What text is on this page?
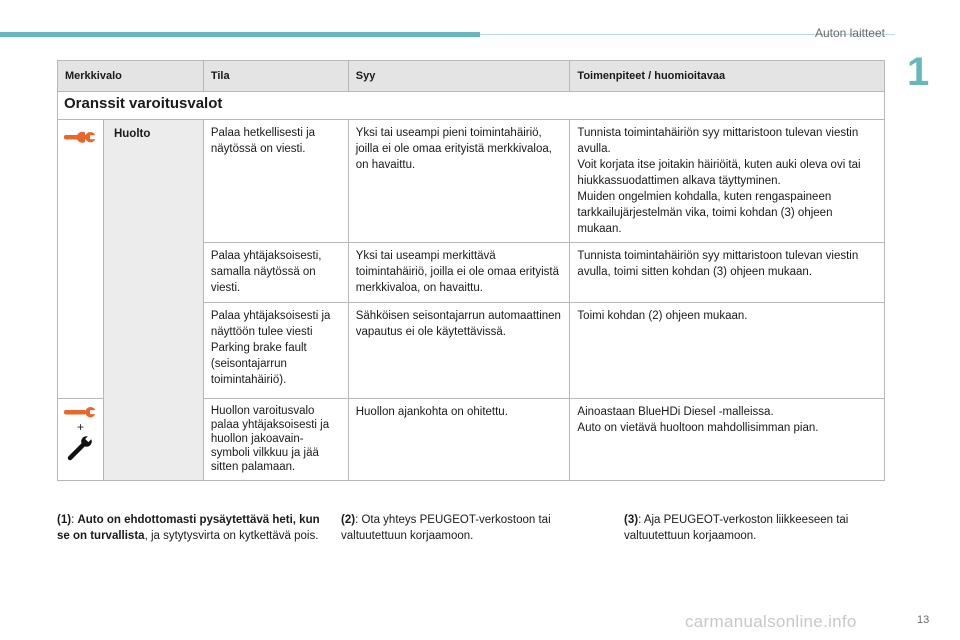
Auton laitteet
1
Merkkivalo		Tila	Syy	Toimenpiteet / huomioitavaa
Oranssit varoitusvalot				

	Huolto	Palaa hetkellisesti ja näytössä on viesti.	Yksi tai useampi pieni toimintahäiriö, joilla ei ole omaa erityistä merkkivaloa, on havaittu.	Tunnista toimintahäiriön syy mittaristoon tulevan viestin avulla.
Voit korjata itse joitakin häiriöitä, kuten auki oleva ovi tai hiukkassuodattimen alkava täyttyminen.
Muiden ongelmien kohdalla, kuten rengaspaineen tarkkailujärjestelmän vika, toimi kohdan (3) ohjeen mukaan.

		Palaa yhtäjaksoisesti, samalla näytössä on viesti.	Yksi tai useampi merkittävä toimintahäiriö, joilla ei ole omaa erityistä merkkivaloa, on havaittu.	Tunnista toimintahäiriön syy mittaristoon tulevan viestin avulla, toimi sitten kohdan (3) ohjeen mukaan.

		Palaa yhtäjaksoisesti ja näyttöön tulee viesti Parking brake fault (seisontajarrun toimintahäiriö).	Sähköisen seisontajarrun automaattinen vapautus ei ole käytettävissä.	Toimi kohdan (2) ohjeen mukaan.

+		Huollon varoitusvalo palaa yhtäjaksoisesti ja huollon jakoavain-symboli vilkkuu ja jää sitten palamaan.	Huollon ajankohta on ohitettu.	Ainoastaan BlueHDi Diesel -malleissa.
Auto on vietävä huoltoon mahdollisimman pian.
(1): Auto on ehdottomasti pysäytettävä heti, kun se on turvallista, ja sytytysvirta on kytkettävä pois.
(2): Ota yhteys PEUGEOT-verkostoon tai valtuutettuun korjaamoon.
(3): Aja PEUGEOT-verkoston liikkeeseen tai valtuutettuun korjaamoon.
carmanualsonline.info	13
